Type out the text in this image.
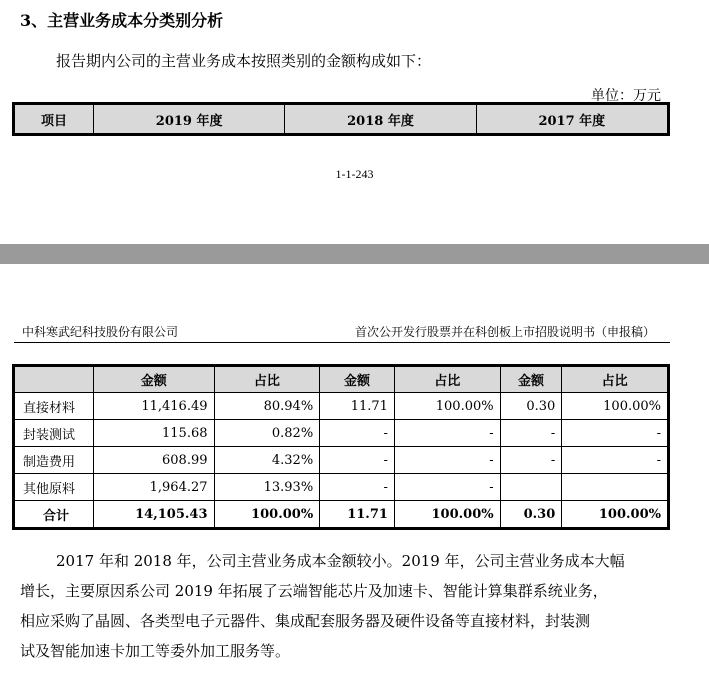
3、主营业务成本分类别分析
报告期内公司的主营业务成本按照类别的金额构成如下：
单位：万元
项目	2019 年度	2018 年度	2017 年度
1-1-243
中科寒武纪科技股份有限公司	首次公开发行股票并在科创板上市招股说明书（申报稿）
	金额	占比	金额	占比	金额	占比
直接材料	11,416.49	80.94%	11.71	100.00%	0.30	100.00%
封装测试	115.68	0.82%	-	-	-	-
制造费用	608.99	4.32%	-	-	-	-
其他原料	1,964.27	13.93%	-	-		
合计	14,105.43	100.00%	11.71	100.00%	0.30	100.00%

2017 年和 2018 年，公司主营业务成本金额较小。2019 年，公司主营业务成本大幅

增长，主要原因系公司 2019 年拓展了云端智能芯片及加速卡、智能计算集群系统业务，

相应采购了晶圆、各类型电子元器件、集成配套服务器及硬件设备等直接材料，封装测

试及智能加速卡加工等委外加工服务等。
